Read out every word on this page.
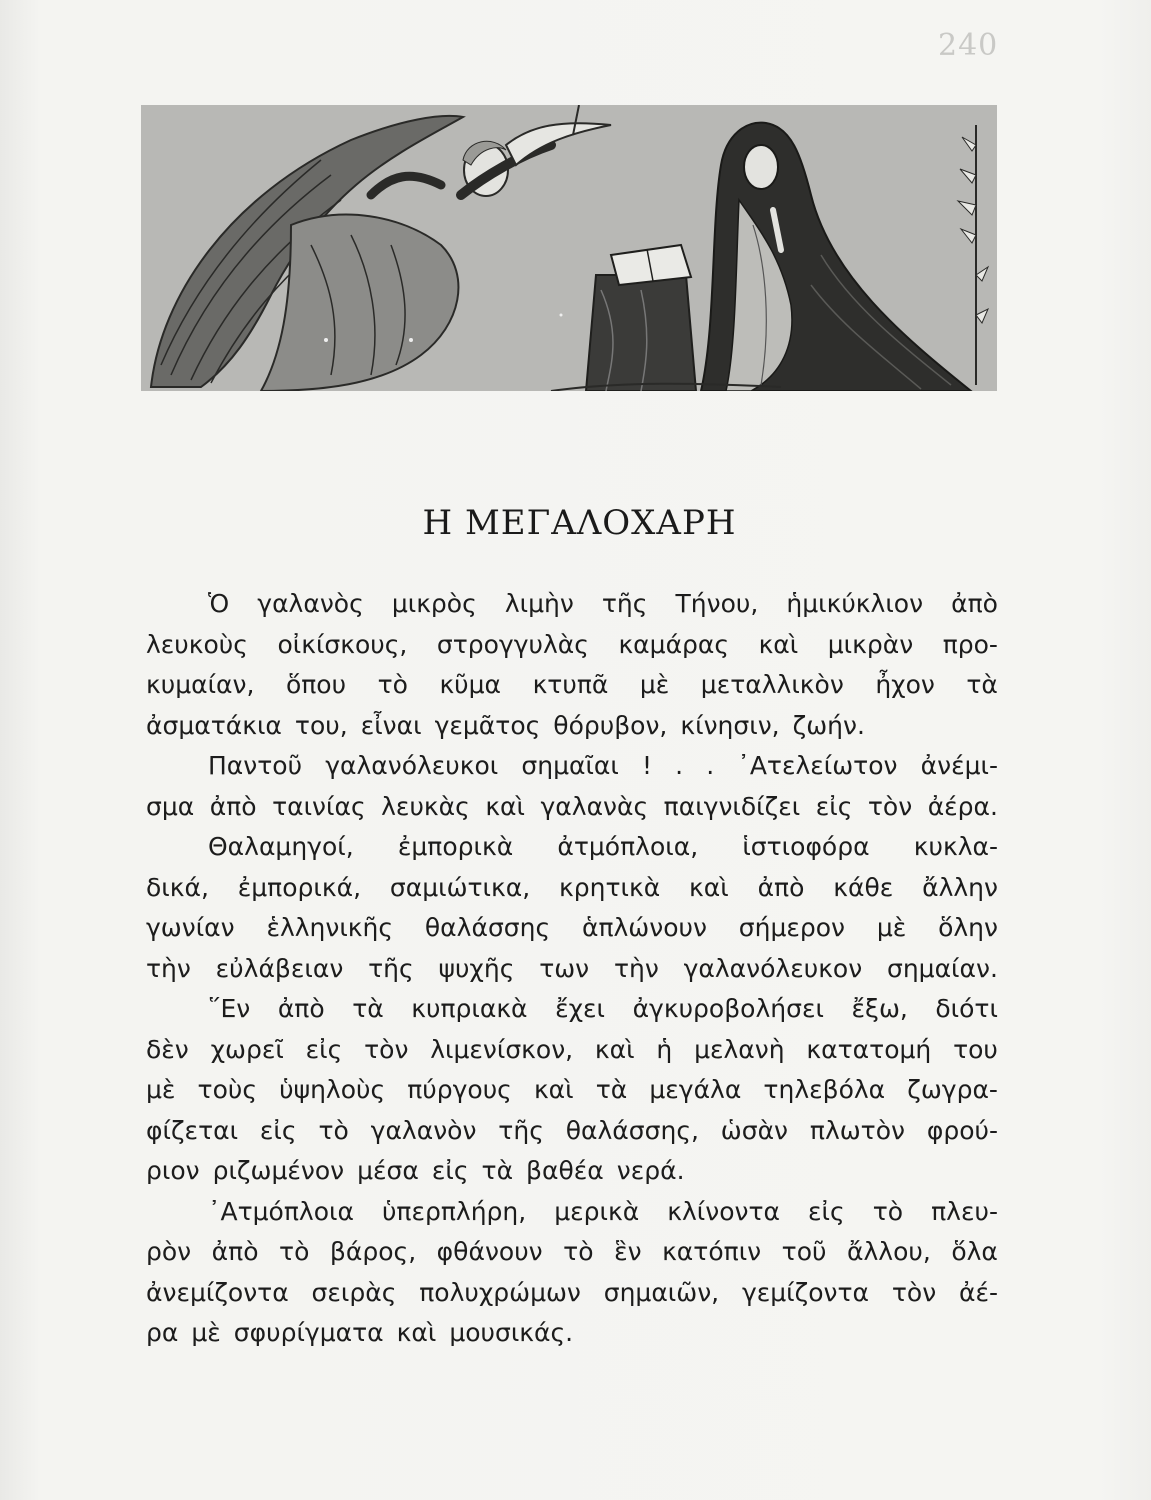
240
Η ΜΕΓΑΛΟΧΑΡΗ
Ὁ γαλανὸς μικρὸς λιμὴν τῆς Τήνου, ἡμικύκλιον ἀπὸ
λευκοὺς οἰκίσκους, στρογγυλὰς καμάρας καὶ μικρὰν προ-
κυμαίαν, ὅπου τὸ κῦμα κτυπᾶ μὲ μεταλλικὸν ἦχον τὰ
ἀσματάκια του, εἶναι γεμᾶτος θόρυβον, κίνησιν, ζωήν.
Παντοῦ γαλανόλευκοι σημαῖαι ! . . ᾿Ατελείωτον ἀνέμι-
σμα ἀπὸ ταινίας λευκὰς καὶ γαλανὰς παιγνιδίζει εἰς τὸν ἀέρα.
Θαλαμηγοί, ἐμπορικὰ ἀτμόπλοια, ἱστιοφόρα κυκλα-
δικά, ἐμπορικά, σαμιώτικα, κρητικὰ καὶ ἀπὸ κάθε ἄλλην
γωνίαν ἑλληνικῆς θαλάσσης ἁπλώνουν σήμερον μὲ ὅλην
τὴν εὐλάβειαν τῆς ψυχῆς των τὴν γαλανόλευκον σημαίαν.
῞Εν ἀπὸ τὰ κυπριακὰ ἔχει ἀγκυροβολήσει ἔξω, διότι
δὲν χωρεῖ εἰς τὸν λιμενίσκον, καὶ ἡ μελανὴ κατατομή του
μὲ τοὺς ὑψηλοὺς πύργους καὶ τὰ μεγάλα τηλεβόλα ζωγρα-
φίζεται εἰς τὸ γαλανὸν τῆς θαλάσσης, ὡσὰν πλωτὸν φρού-
ριον ριζωμένον μέσα εἰς τὰ βαθέα νερά.
᾿Ατμόπλοια ὑπερπλήρη, μερικὰ κλίνοντα εἰς τὸ πλευ-
ρὸν ἀπὸ τὸ βάρος, φθάνουν τὸ ἓν κατόπιν τοῦ ἄλλου, ὅλα
ἀνεμίζοντα σειρὰς πολυχρώμων σημαιῶν, γεμίζοντα τὸν ἀέ-
ρα μὲ σφυρίγματα καὶ μουσικάς.
